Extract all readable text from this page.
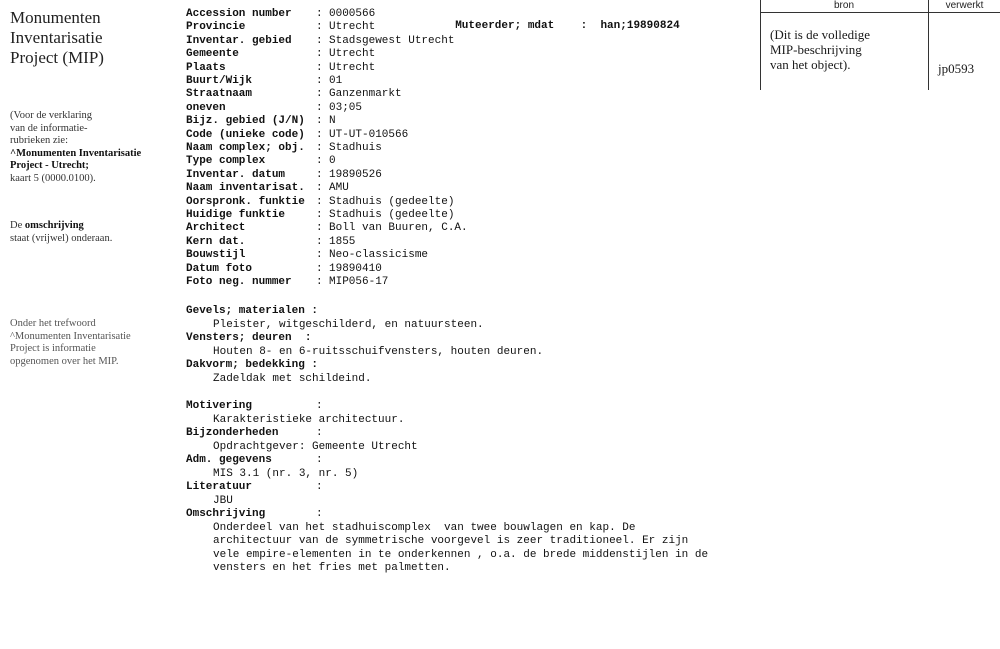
Monumenten
Inventarisatie
Project (MIP)
(Voor de verklaring
van de informatie-
rubrieken zie:
^Monumenten Inventarisatie
Project - Utrecht;
kaart 5 (0000.0100).
De omschrijving
staat (vrijwel) onderaan.
Onder het trefwoord
^Monumenten Inventarisatie
Project is informatie
opgenomen over het MIP.
Accession number : 0000566
Provincie	: Utrecht
Inventar. gebied : Stadsgewest Utrecht
Gemeente	: Utrecht
Plaats	: Utrecht
Buurt/Wijk	: 01
Straatnaam	: Ganzenmarkt
oneven	: 03;05
Bijz. gebied (J/N) : N
Code (unieke code) : UT-UT-010566
Naam complex; obj. : Stadhuis
Type complex	: 0
Inventar. datum	: 19890526
Naam inventarisat. : AMU
Oorspronk. funktie : Stadhuis (gedeelte)
Huidige funktie	: Stadhuis (gedeelte)
Architect	: Boll van Buuren, C.A.
Kern dat.	: 1855
Bouwstijl	: Neo-classicisme
Datum foto	: 19890410
Foto neg. nummer : MIP056-17

Muteerder; mdat    :  han;19890824

Gevels; materialen :
Pleister, witgeschilderd, en natuursteen.
Vensters; deuren  :
Houten 8- en 6-ruitsschuifvensters, houten deuren.
Dakvorm; bedekking :
Zadeldak met schildeind.
Motivering	:
Karakteristieke architectuur.
Bijzonderheden	:
Opdrachtgever: Gemeente Utrecht
Adm. gegevens	:
MIS 3.1 (nr. 3, nr. 5)
Literatuur	:
JBU
Omschrijving	:
Onderdeel van het stadhuiscomplex  van twee bouwlagen en kap. De
architectuur van de symmetrische voorgevel is zeer traditioneel. Er zijn
vele empire-elementen in te onderkennen , o.a. de brede middenstijlen in de
vensters en het fries met palmetten.
bron	verwerkt
(Dit is de volledige
MIP-beschrijving
van het object).	jp0593
